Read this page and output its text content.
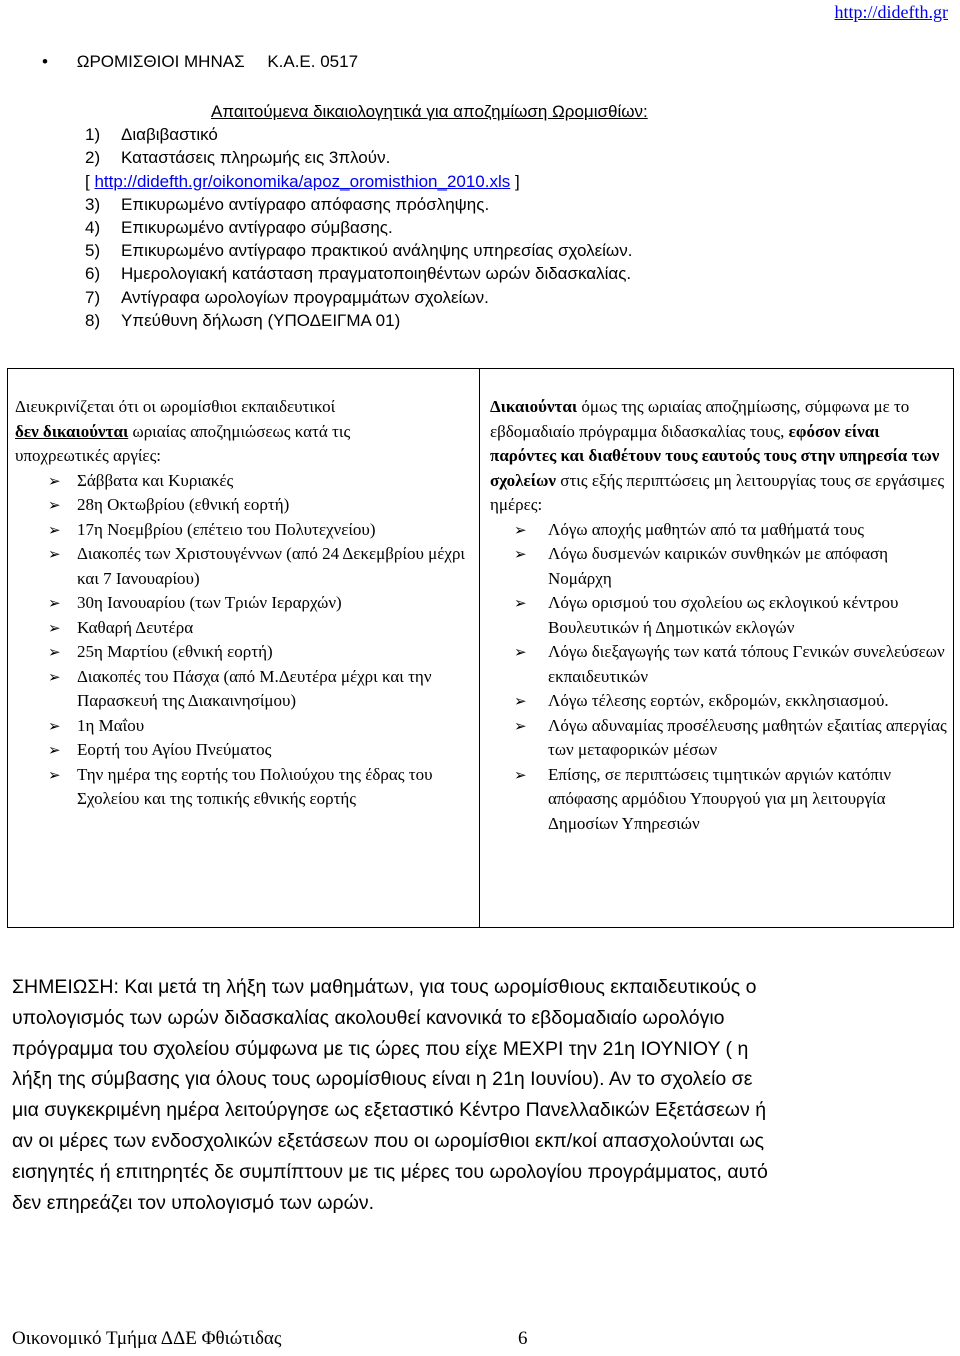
http://didefth.gr
• ΩΡΟΜΙΣΘΙΟΙ ΜΗΝΑΣ Κ.Α.Ε. 0517
Απαιτούμενα δικαιολογητικά για αποζημίωση Ωρομισθίων:
1) Διαβιβαστικό
2) Καταστάσεις πληρωμής εις 3πλούν.
[ http://didefth.gr/oikonomika/apoz_oromisthion_2010.xls ]
3) Επικυρωμένο αντίγραφο απόφασης πρόσληψης.
4) Επικυρωμένο αντίγραφο σύμβασης.
5) Επικυρωμένο αντίγραφο πρακτικού ανάληψης υπηρεσίας σχολείων.
6) Ημερολογιακή κατάσταση πραγματοποιηθέντων ωρών διδασκαλίας.
7) Αντίγραφα ωρολογίων προγραμμάτων σχολείων.
8) Υπεύθυνη δήλωση (ΥΠΟΔΕΙΓΜΑ 01)
Διευκρινίζεται ότι οι ωρομίσθιοι εκπαιδευτικοί
δεν δικαιούνται ωριαίας αποζημιώσεως κατά τις
υποχρεωτικές αργίες:
➢ Σάββατα και Κυριακές
➢ 28η Οκτωβρίου (εθνική εορτή)
➢ 17η Νοεμβρίου (επέτειο του Πολυτεχνείου)
➢ Διακοπές των Χριστουγέννων (από 24 Δεκεμβρίου μέχρι και 7 Ιανουαρίου)
➢ 30η Ιανουαρίου (των Τριών Ιεραρχών)
➢ Καθαρή Δευτέρα
➢ 25η Μαρτίου (εθνική εορτή)
➢ Διακοπές του Πάσχα (από Μ.Δευτέρα μέχρι και την Παρασκευή της Διακαινησίμου)
➢ 1η Μαΐου
➢ Εορτή του Αγίου Πνεύματος
➢ Την ημέρα της εορτής του Πολιούχου της έδρας του Σχολείου και της τοπικής εθνικής εορτής
Δικαιούνται όμως της ωριαίας αποζημίωσης, σύμφωνα με το εβδομαδιαίο πρόγραμμα διδασκαλίας τους, εφόσον είναι παρόντες και διαθέτουν τους εαυτούς τους στην υπηρεσία των σχολείων στις εξής περιπτώσεις μη λειτουργίας τους σε εργάσιμες ημέρες:
➢ Λόγω αποχής μαθητών από τα μαθήματά τους
➢ Λόγω δυσμενών καιρικών συνθηκών με απόφαση Νομάρχη
➢ Λόγω ορισμού του σχολείου ως εκλογικού κέντρου Βουλευτικών ή Δημοτικών εκλογών
➢ Λόγω διεξαγωγής των κατά τόπους Γενικών συνελεύσεων εκπαιδευτικών
➢ Λόγω τέλεσης εορτών, εκδρομών, εκκλησιασμού.
➢ Λόγω αδυναμίας προσέλευσης μαθητών εξαιτίας απεργίας των μεταφορικών μέσων
➢ Επίσης, σε περιπτώσεις τιμητικών αργιών κατόπιν απόφασης αρμόδιου Υπουργού για μη λειτουργία Δημοσίων Υπηρεσιών
ΣΗΜΕΙΩΣΗ: Και μετά τη λήξη των μαθημάτων, για τους ωρομίσθιους εκπαιδευτικούς ο
υπολογισμός των ωρών διδασκαλίας ακολουθεί κανονικά το εβδομαδιαίο ωρολόγιο
πρόγραμμα του σχολείου σύμφωνα με τις ώρες που είχε ΜΕΧΡΙ την 21η ΙΟΥΝΙΟΥ ( η
λήξη της σύμβασης για όλους τους ωρομίσθιους είναι η 21η Ιουνίου). Αν το σχολείο σε
μια συγκεκριμένη ημέρα λειτούργησε ως εξεταστικό Κέντρο Πανελλαδικών Εξετάσεων ή
αν οι μέρες των ενδοσχολικών εξετάσεων που οι ωρομίσθιοι εκπ/κοί απασχολούνται ως
εισηγητές ή επιτηρητές δε συμπίπτουν με τις μέρες του ωρολογίου προγράμματος, αυτό
δεν επηρεάζει τον υπολογισμό των ωρών.
Οικονομικό Τμήμα ΔΔΕ Φθιώτιδας	6
